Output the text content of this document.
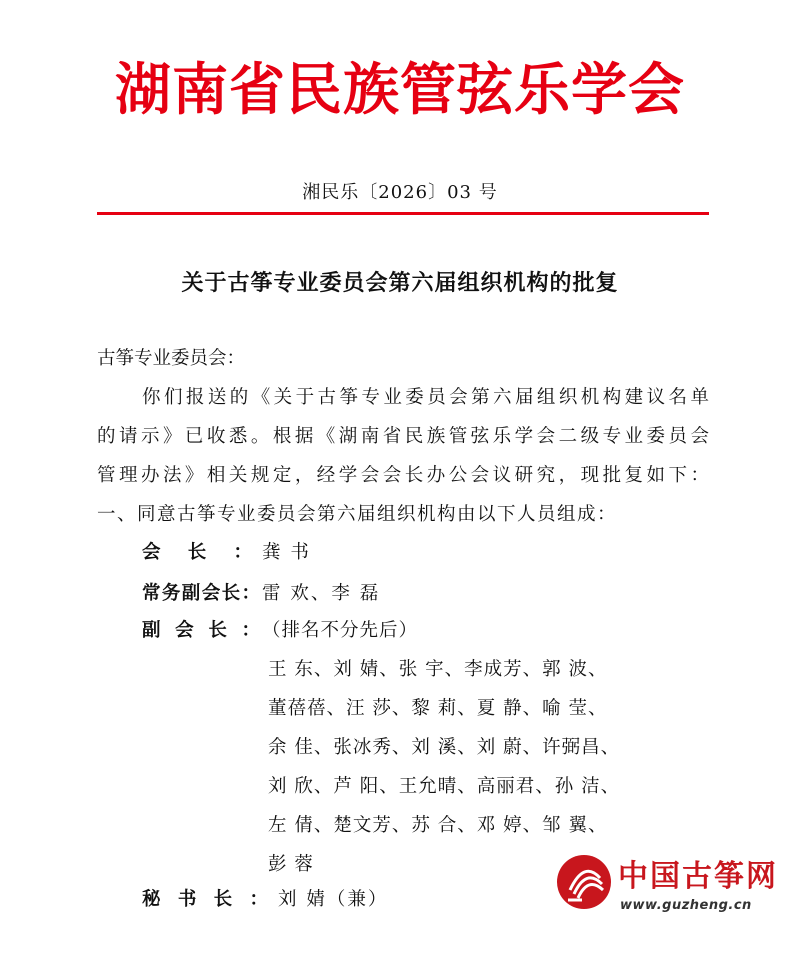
湖南省民族管弦乐学会
湘民乐〔2026〕03 号
关于古筝专业委员会第六届组织机构的批复
古筝专业委员会：
你们报送的《关于古筝专业委员会第六届组织机构建议名单
的请示》已收悉。根据《湖南省民族管弦乐学会二级专业委员会
管理办法》相关规定，经学会会长办公会议研究，现批复如下：
一、同意古筝专业委员会第六届组织机构由以下人员组成：
会长： 龚 书
常务副会长： 雷 欢、李 磊
副会长： （排名不分先后）
王 东、刘 婧、张 宇、李成芳、郭 波、
董蓓蓓、汪 莎、黎 莉、夏 静、喻 莹、
余 佳、张冰秀、刘 溪、刘 蔚、许弼昌、
刘 欣、芦 阳、王允晴、高丽君、孙 洁、
左 倩、楚文芳、苏 合、邓 婷、邹 翼、
彭 蓉
秘书长： 刘 婧（兼）
中国古筝网
www.guzheng.cn
